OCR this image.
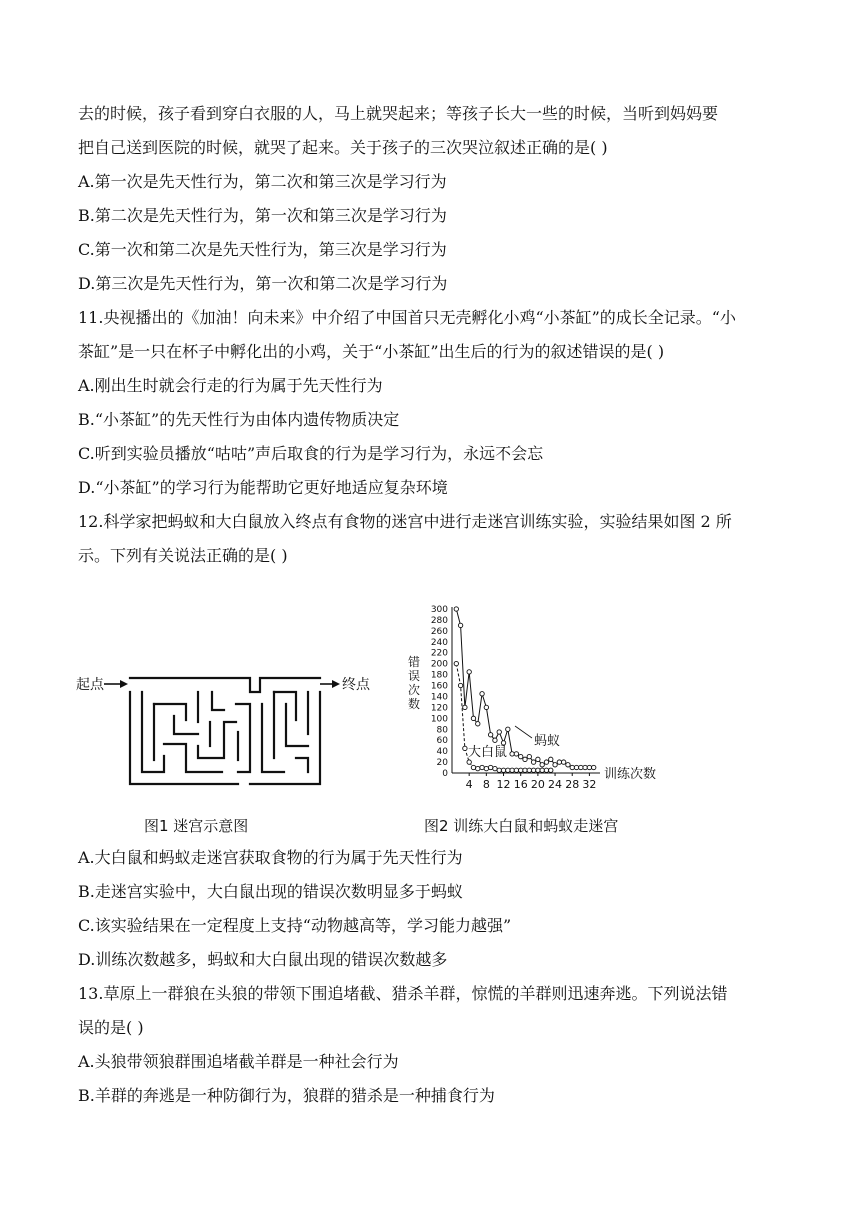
去的时候，孩子看到穿白衣服的人，马上就哭起来；等孩子长大一些的时候，当听到妈妈要
把自己送到医院的时候，就哭了起来。关于孩子的三次哭泣叙述正确的是( )
A.第一次是先天性行为，第二次和第三次是学习行为
B.第二次是先天性行为，第一次和第三次是学习行为
C.第一次和第二次是先天性行为，第三次是学习行为
D.第三次是先天性行为，第一次和第二次是学习行为
11.央视播出的《加油！向未来》中介绍了中国首只无壳孵化小鸡“小茶缸”的成长全记录。“小
茶缸”是一只在杯子中孵化出的小鸡，关于“小茶缸”出生后的行为的叙述错误的是( )
A.刚出生时就会行走的行为属于先天性行为
B.“小茶缸”的先天性行为由体内遗传物质决定
C.听到实验员播放“咕咕”声后取食的行为是学习行为，永远不会忘
D.“小茶缸”的学习行为能帮助它更好地适应复杂环境
12.科学家把蚂蚁和大白鼠放入终点有食物的迷宫中进行走迷宫训练实验，实验结果如图 2 所
示。下列有关说法正确的是( )
起点	终点
图1 迷宫示意图
0
20
40
60
80
100
120
140
160
180
200
220
240
260
280
300
4 8 12 16 20 24 28 32
错误次数
训练次数
蚂蚁
大白鼠
图2 训练大白鼠和蚂蚁走迷宫
A.大白鼠和蚂蚁走迷宫获取食物的行为属于先天性行为
B.走迷宫实验中，大白鼠出现的错误次数明显多于蚂蚁
C.该实验结果在一定程度上支持“动物越高等，学习能力越强”
D.训练次数越多，蚂蚁和大白鼠出现的错误次数越多
13.草原上一群狼在头狼的带领下围追堵截、猎杀羊群，惊慌的羊群则迅速奔逃。下列说法错
误的是( )
A.头狼带领狼群围追堵截羊群是一种社会行为
B.羊群的奔逃是一种防御行为，狼群的猎杀是一种捕食行为
